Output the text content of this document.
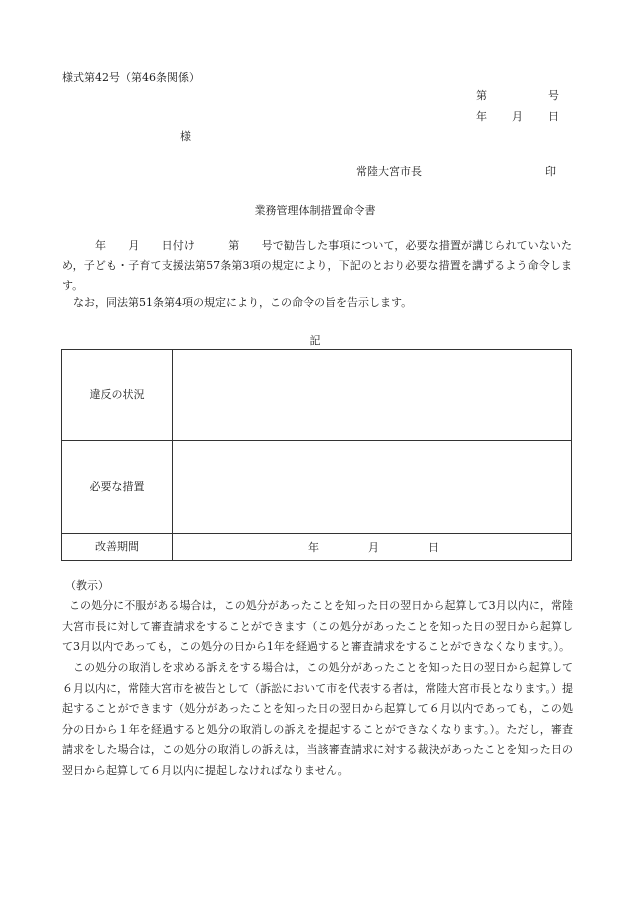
様式第42号（第46条関係）
第	号
年 月 日
様
常陸大宮市長	印
業務管理体制措置命令書
年　　月　　日付け　　　第　　号で勧告した事項について，必要な措置が講じられていないため，子ども・子育て支援法第57条第3項の規定により，下記のとおり必要な措置を講ずるよう命令します。
なお，同法第51条第4項の規定により，この命令の旨を告示します。
記
違反の状況	
必要な措置	
改善期間	年 月 日
（教示）
この処分に不服がある場合は，この処分があったことを知った日の翌日から起算して3月以内に，常陸大宮市長に対して審査請求をすることができます（この処分があったことを知った日の翌日から起算して3月以内であっても，この処分の日から1年を経過すると審査請求をすることができなくなります。）。
この処分の取消しを求める訴えをする場合は，この処分があったことを知った日の翌日から起算して６月以内に，常陸大宮市を被告として（訴訟において市を代表する者は，常陸大宮市長となります。）提起することができます（処分があったことを知った日の翌日から起算して６月以内であっても，この処分の日から１年を経過すると処分の取消しの訴えを提起することができなくなります。）。ただし，審査請求をした場合は，この処分の取消しの訴えは，当該審査請求に対する裁決があったことを知った日の翌日から起算して６月以内に提起しなければなりません。
